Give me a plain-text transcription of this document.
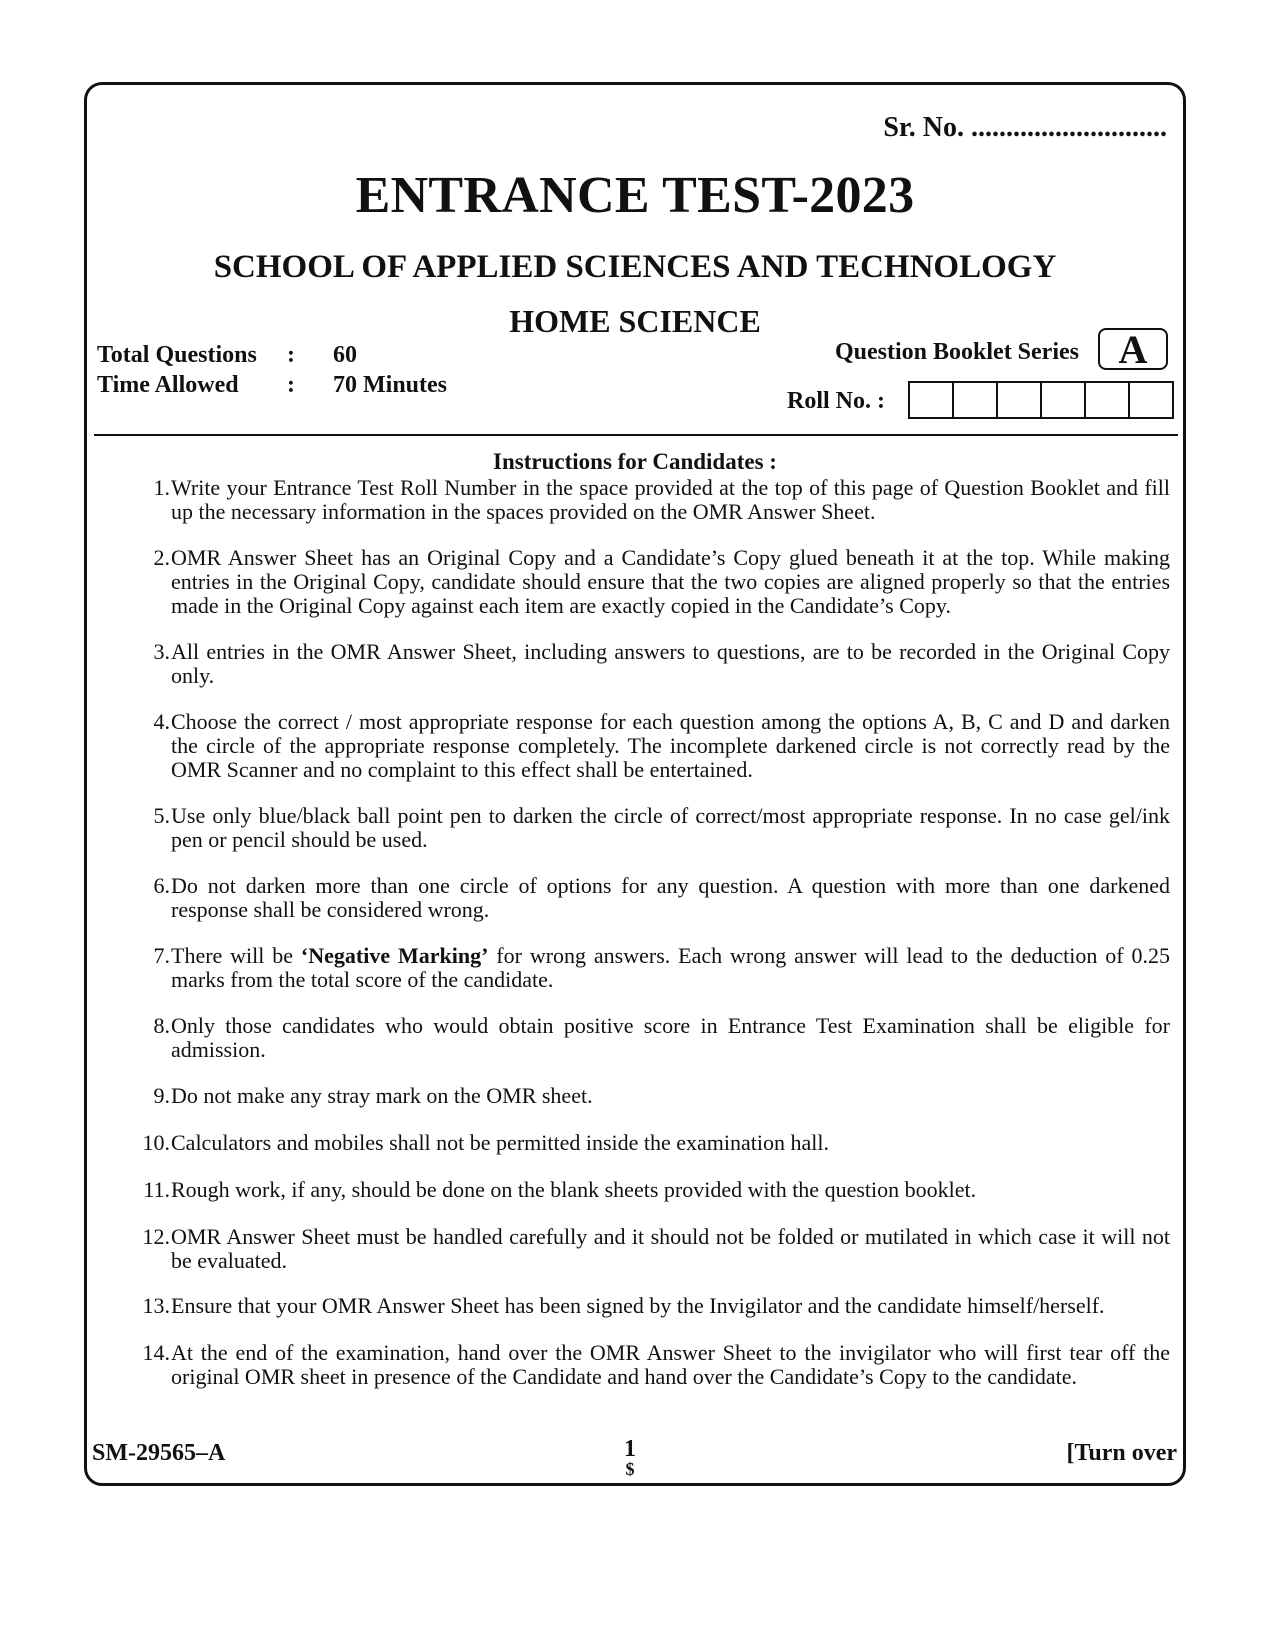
Sr. No. ............................
ENTRANCE TEST-2023
SCHOOL OF APPLIED SCIENCES AND TECHNOLOGY
HOME SCIENCE
Total Questions : 60
Time Allowed : 70 Minutes
Question Booklet Series A
Roll No. :
Instructions for Candidates :
1. Write your Entrance Test Roll Number in the space provided at the top of this page of Question Booklet and fill up the necessary information in the spaces provided on the OMR Answer Sheet.
2. OMR Answer Sheet has an Original Copy and a Candidate’s Copy glued beneath it at the top. While making entries in the Original Copy, candidate should ensure that the two copies are aligned properly so that the entries made in the Original Copy against each item are exactly copied in the Candidate’s Copy.
3. All entries in the OMR Answer Sheet, including answers to questions, are to be recorded in the Original Copy only.
4. Choose the correct / most appropriate response for each question among the options A, B, C and D and darken the circle of the appropriate response completely. The incomplete darkened circle is not correctly read by the OMR Scanner and no complaint to this effect shall be entertained.
5. Use only blue/black ball point pen to darken the circle of correct/most appropriate response. In no case gel/ink pen or pencil should be used.
6. Do not darken more than one circle of options for any question. A question with more than one darkened response shall be considered wrong.
7. There will be ‘Negative Marking’ for wrong answers. Each wrong answer will lead to the deduction of 0.25 marks from the total score of the candidate.
8. Only those candidates who would obtain positive score in Entrance Test Examination shall be eligible for admission.
9. Do not make any stray mark on the OMR sheet.
10. Calculators and mobiles shall not be permitted inside the examination hall.
11. Rough work, if any, should be done on the blank sheets provided with the question booklet.
12. OMR Answer Sheet must be handled carefully and it should not be folded or mutilated in which case it will not be evaluated.
13. Ensure that your OMR Answer Sheet has been signed by the Invigilator and the candidate himself/herself.
14. At the end of the examination, hand over the OMR Answer Sheet to the invigilator who will first tear off the original OMR sheet in presence of the Candidate and hand over the Candidate’s Copy to the candidate.
SM-29565–A	1
$
[Turn over
